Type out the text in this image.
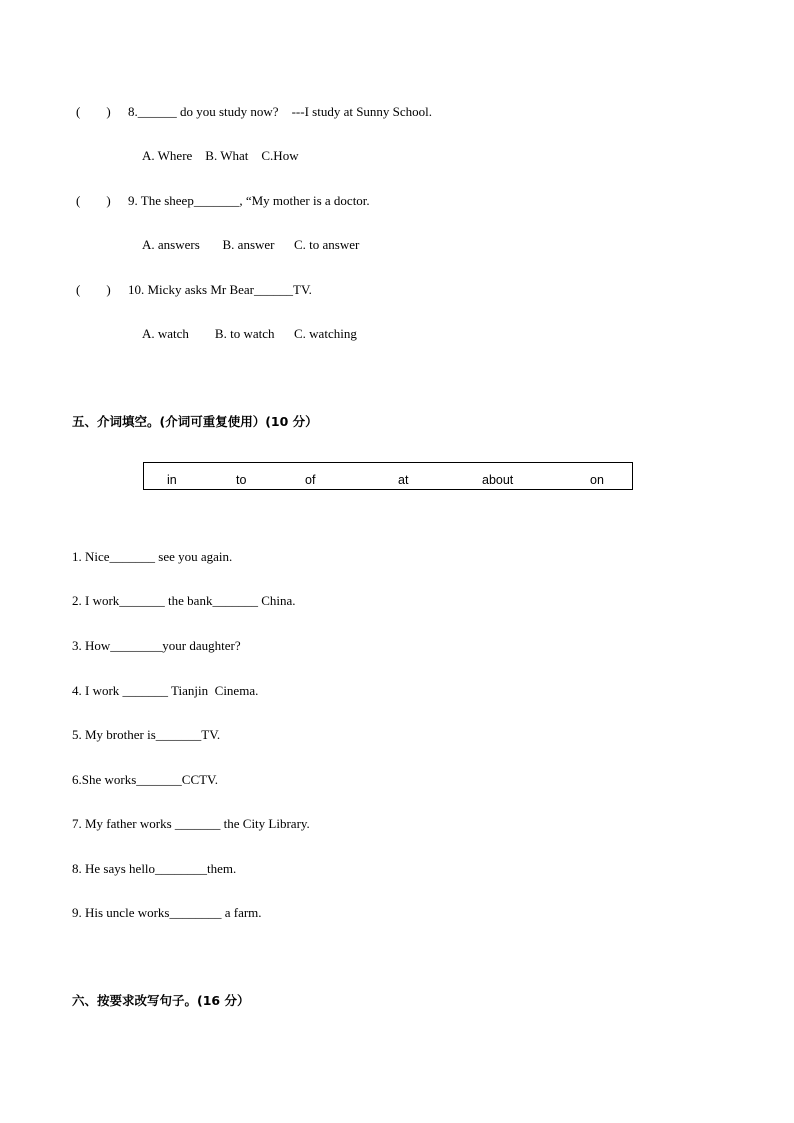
(        ) 8.______ do you study now?    ---I study at Sunny School.
A. Where    B. What    C.How
(        ) 9. The sheep_______, “My mother is a doctor.
A. answers       B. answer      C. to answer
(        ) 10. Micky asks Mr Bear______TV.
A. watch        B. to watch      C. watching
五、介词填空。(介词可重复使用）(10 分）
in	to	of	at	about	on
1. Nice_______ see you again.
2. I work_______ the bank_______ China.
3. How________your daughter?
4. I work _______ Tianjin  Cinema.
5. My brother is_______TV.
6.She works_______CCTV.
7. My father works _______ the City Library.
8. He says hello________them.
9. His uncle works________ a farm.
六、按要求改写句子。(16 分）
